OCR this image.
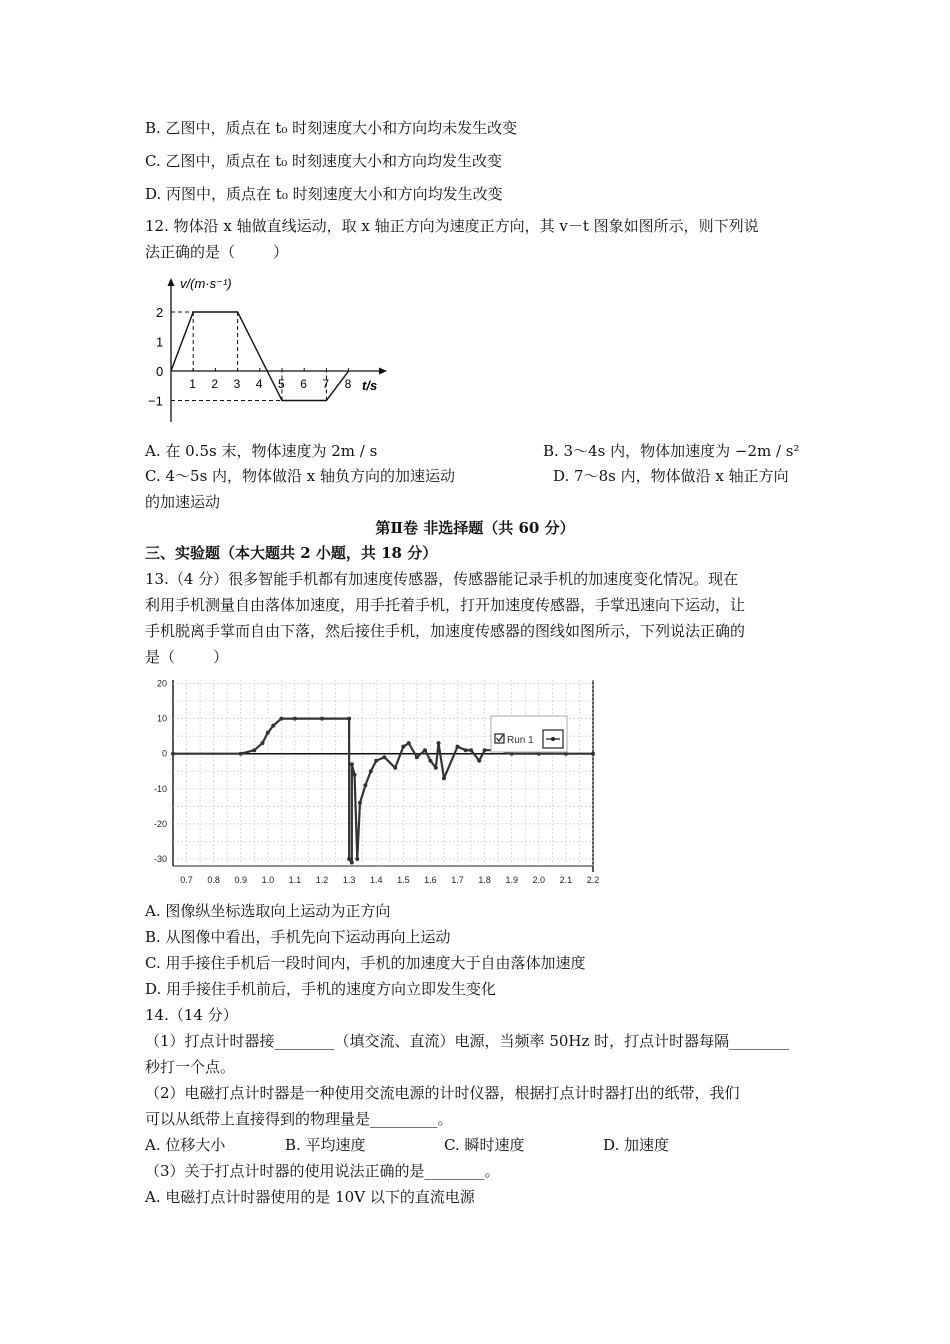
B. 乙图中，质点在 t₀ 时刻速度大小和方向均未发生改变
C. 乙图中，质点在 t₀ 时刻速度大小和方向均发生改变
D. 丙图中，质点在 t₀ 时刻速度大小和方向均发生改变
12. 物体沿 x 轴做直线运动，取 x 轴正方向为速度正方向，其 v－t 图象如图所示，则下列说
法正确的是（        ）
1 2 3 4 5 6 7 8
2
1
0
−1
v/(m·s⁻¹)
t/s
A. 在 0.5s 末，物体速度为 2m / s	B. 3～4s 内，物体加速度为 −2m / s²
C. 4～5s 内，物体做沿 x 轴负方向的加速运动	D. 7～8s 内，物体做沿 x 轴正方向
的加速运动
第Ⅱ卷 非选择题（共 60 分）
三、实验题（本大题共 2 小题，共 18 分）
13.（4 分）很多智能手机都有加速度传感器，传感器能记录手机的加速度变化情况。现在
利用手机测量自由落体加速度，用手托着手机，打开加速度传感器，手掌迅速向下运动，让
手机脱离手掌而自由下落，然后接住手机，加速度传感器的图线如图所示，下列说法正确的
是（        ）
20
10
0
-10
-20
-30
0.7 0.8 0.9 1.0 1.1 1.2 1.3 1.4 1.5 1.6 1.7 1.8 1.9 2.0 2.1 2.2
Run 1
A. 图像纵坐标选取向上运动为正方向
B. 从图像中看出，手机先向下运动再向上运动
C. 用手接住手机后一段时间内，手机的加速度大于自由落体加速度
D. 用手接住手机前后，手机的速度方向立即发生变化
14.（14 分）
（1）打点计时器接________（填交流、直流）电源，当频率 50Hz 时，打点计时器每隔________
秒打一个点。
（2）电磁打点计时器是一种使用交流电源的计时仪器，根据打点计时器打出的纸带，我们
可以从纸带上直接得到的物理量是_________。
A. 位移大小	B. 平均速度	C. 瞬时速度	D. 加速度
（3）关于打点计时器的使用说法正确的是________。
A. 电磁打点计时器使用的是 10V 以下的直流电源
